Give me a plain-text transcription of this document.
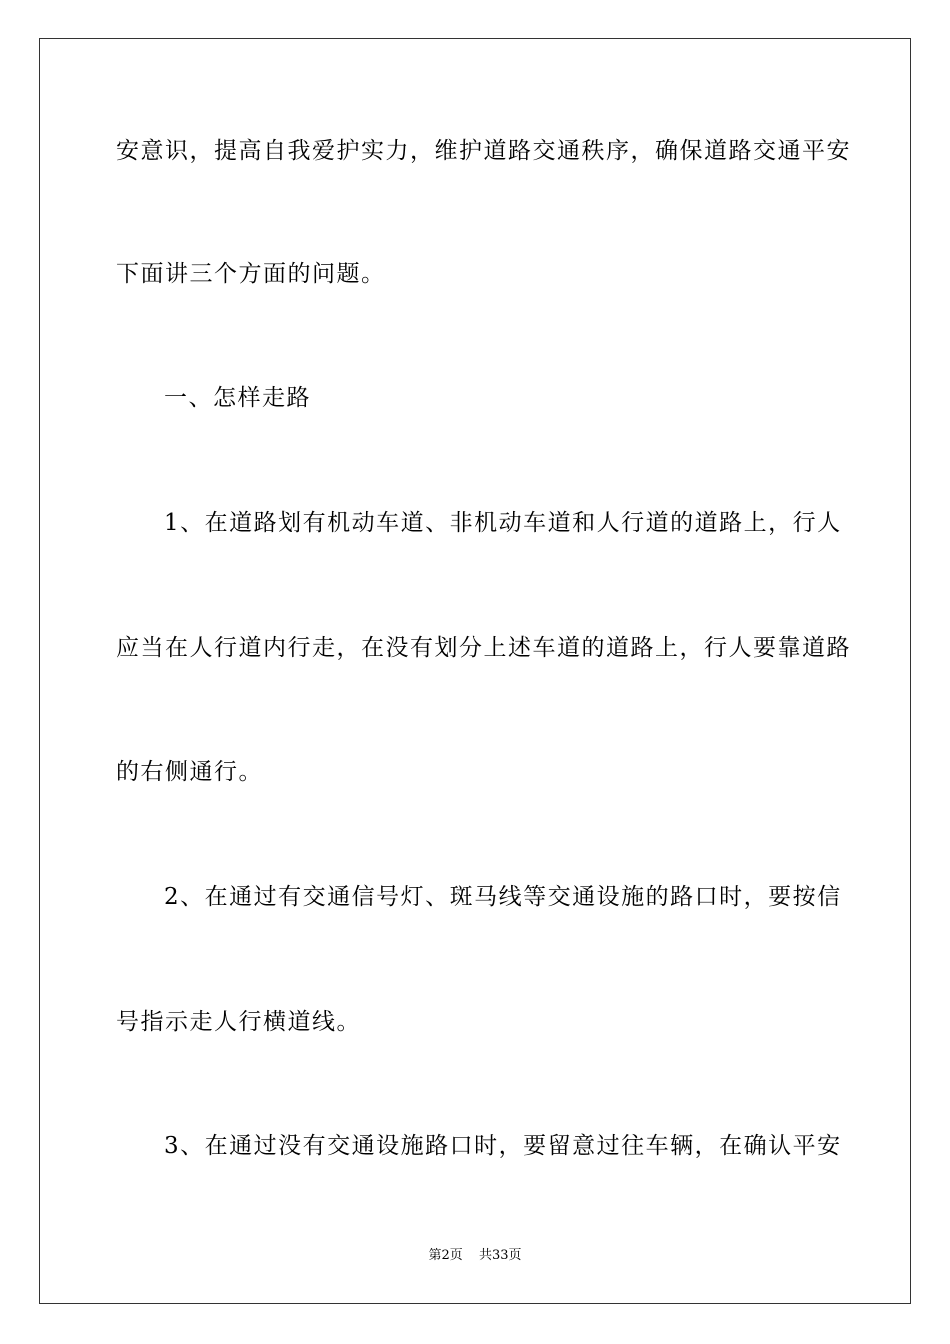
安意识，提高自我爱护实力，维护道路交通秩序，确保道路交通平安
下面讲三个方面的问题。
一、怎样走路
1、在道路划有机动车道、非机动车道和人行道的道路上，行人
应当在人行道内行走，在没有划分上述车道的道路上，行人要靠道路
的右侧通行。
2、在通过有交通信号灯、斑马线等交通设施的路口时，要按信
号指示走人行横道线。
3、在通过没有交通设施路口时，要留意过往车辆，在确认平安
第2页 共33页
